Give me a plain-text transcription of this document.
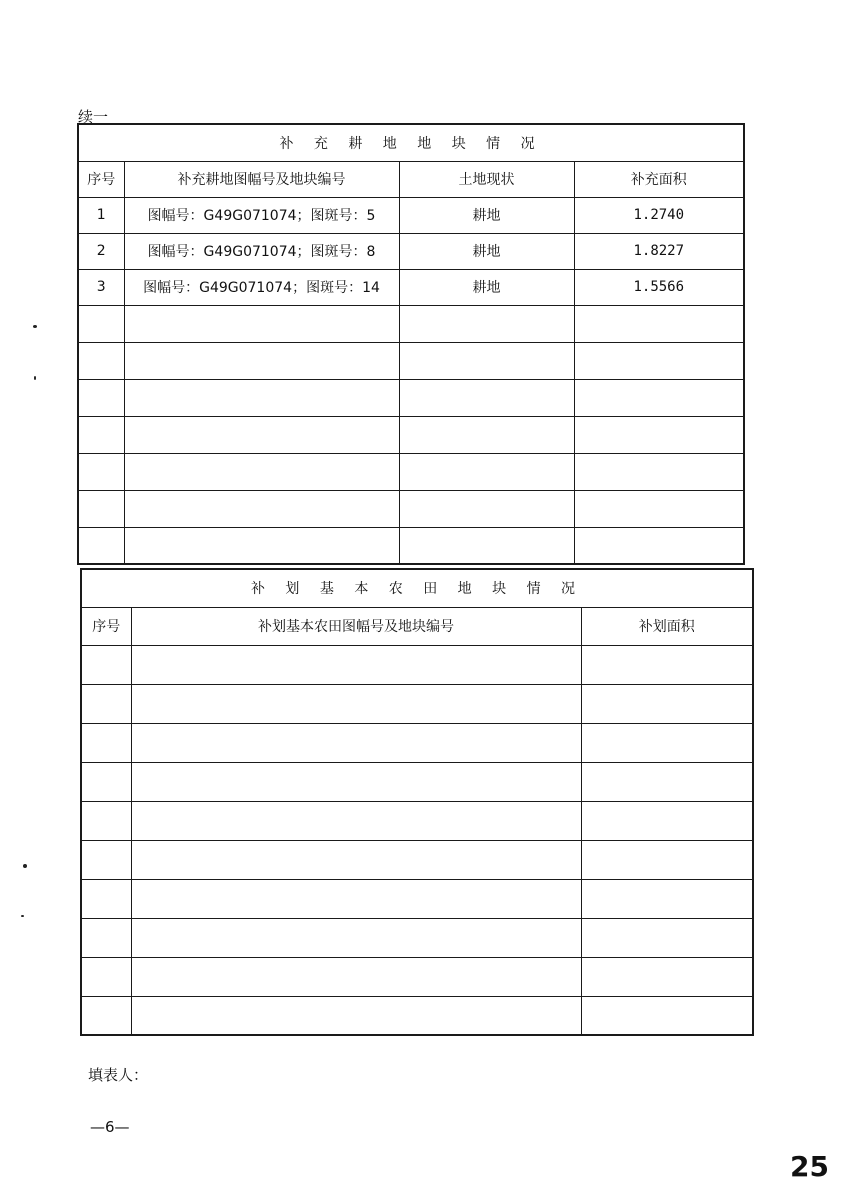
续一
补 充 耕 地 地 块 情 况			
序号	补充耕地图幅号及地块编号	土地现状	补充面积
1	图幅号：G49G071074；图斑号：5	耕地	1.2740
2	图幅号：G49G071074；图斑号：8	耕地	1.8227
3	图幅号：G49G071074；图斑号：14	耕地	1.5566

补 划 基 本 农 田 地 块 情 况		
序号	补划基本农田图幅号及地块编号	补划面积

填表人：
—6—
25
